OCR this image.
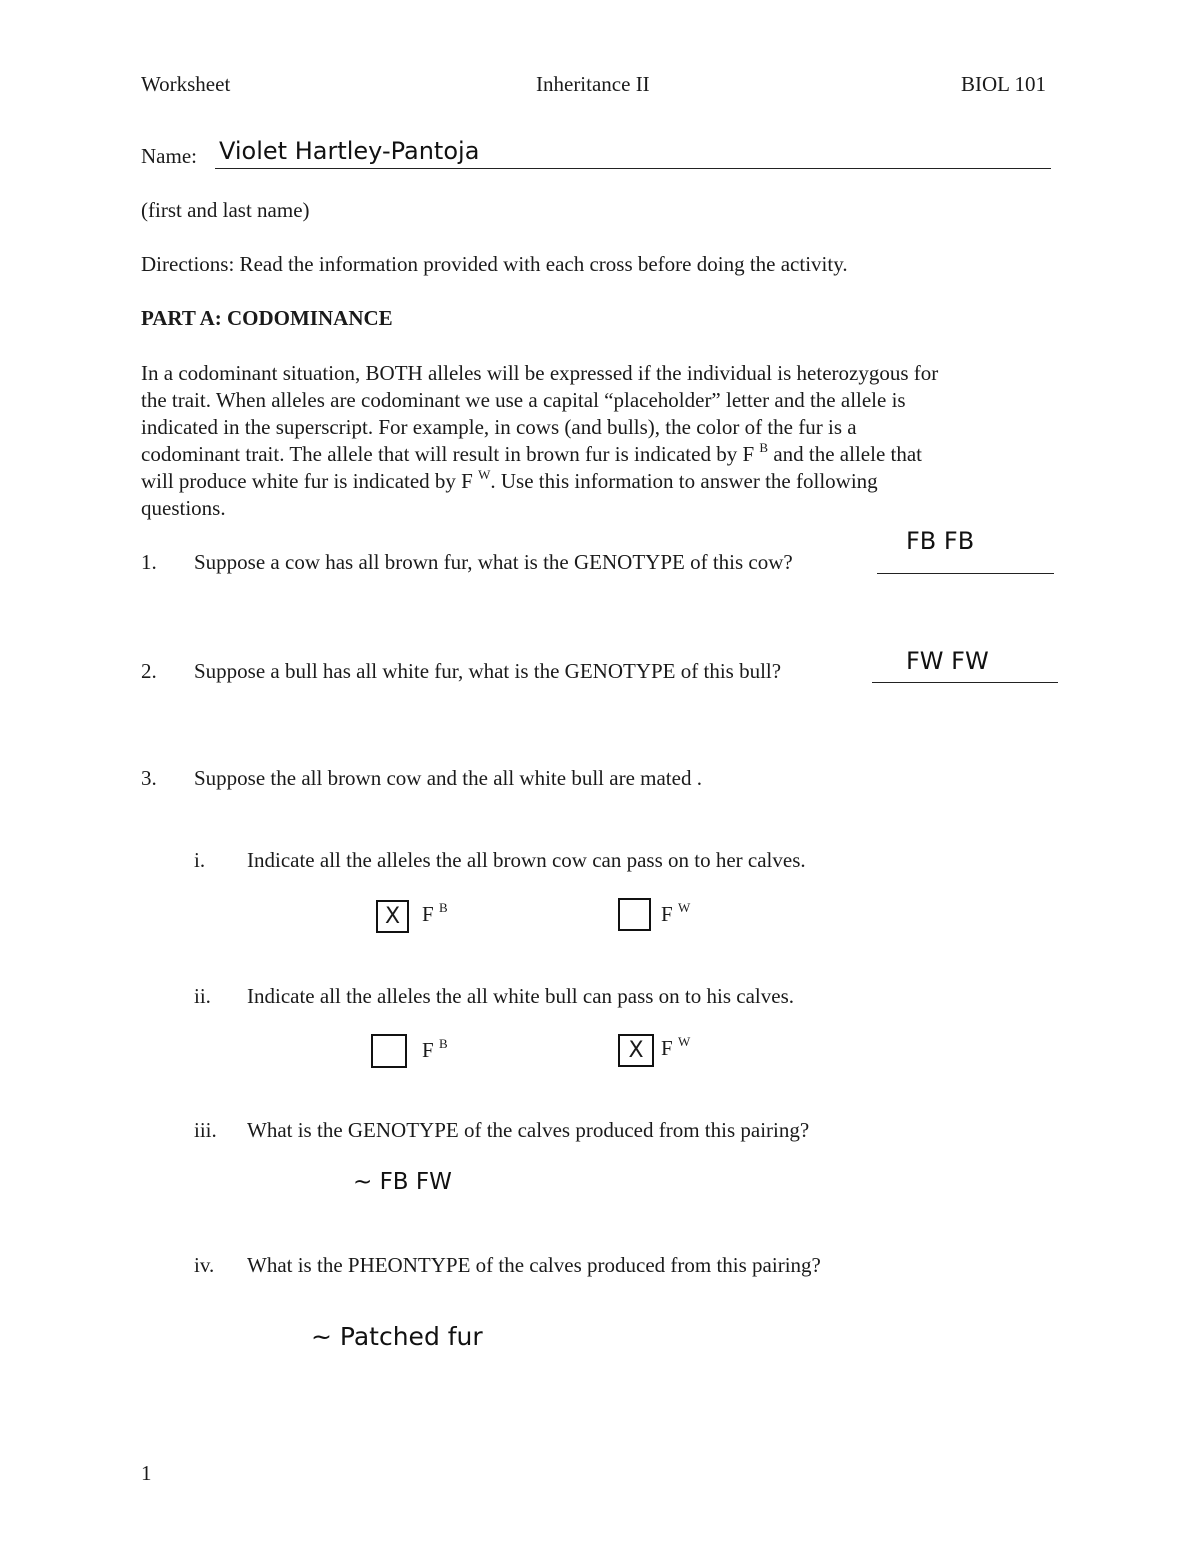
Worksheet	Inheritance II	BIOL 101
Name: Violet Hartley-Pantoja
(first and last name)
Directions: Read the information provided with each cross before doing the activity.
PART A: CODOMINANCE
In a codominant situation, BOTH alleles will be expressed if the individual is heterozygous for
the trait. When alleles are codominant we use a capital “placeholder” letter and the allele is
indicated in the superscript. For example, in cows (and bulls), the color of the fur is a
codominant trait. The allele that will result in brown fur is indicated by F $^B$ and the allele that
will produce white fur is indicated by F $^W$. Use this information to answer the following
questions.
1. Suppose a cow has all brown fur, what is the GENOTYPE of this cow?
FB FB
2. Suppose a bull has all white fur, what is the GENOTYPE of this bull?	FW FW
3. Suppose the all brown cow and the all white bull are mated .
i. Indicate all the alleles the all brown cow can pass on to her calves.
X F $^B$	F $^W$
ii. Indicate all the alleles the all white bull can pass on to his calves.
F $^B$	X F $^W$
iii. What is the GENOTYPE of the calves produced from this pairing?
~ FB FW
iv. What is the PHEONTYPE of the calves produced from this pairing?
~ Patched fur
1
